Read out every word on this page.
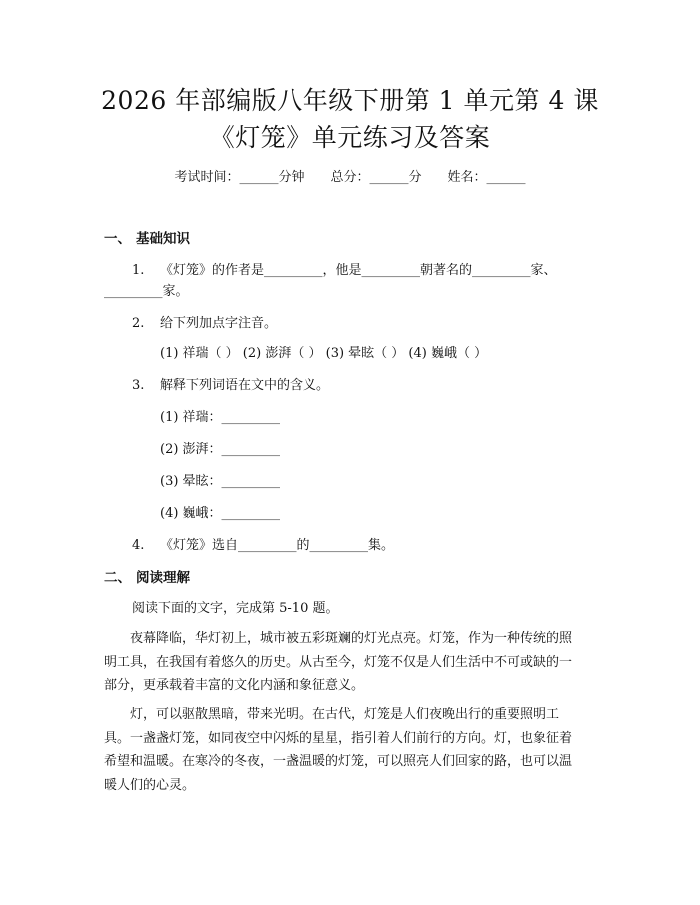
2026 年部编版八年级下册第 1 单元第 4 课
《灯笼》单元练习及答案
考试时间：______分钟 总分：______分 姓名：______
一、 基础知识
1. 《灯笼》的作者是_________，他是_________朝著名的_________家、
_________家。
2. 给下列加点字注音。
(1) 祥瑞（ ） (2) 澎湃（ ） (3) 晕眩（ ） (4) 巍峨（ ）
3. 解释下列词语在文中的含义。
(1) 祥瑞：_________
(2) 澎湃：_________
(3) 晕眩：_________
(4) 巍峨：_________
4. 《灯笼》选自_________的_________集。
二、 阅读理解
阅读下面的文字，完成第 5-10 题。
夜幕降临，华灯初上，城市被五彩斑斓的灯光点亮。灯笼，作为一种传统的照
明工具，在我国有着悠久的历史。从古至今，灯笼不仅是人们生活中不可或缺的一
部分，更承载着丰富的文化内涵和象征意义。
灯，可以驱散黑暗，带来光明。在古代，灯笼是人们夜晚出行的重要照明工
具。一盏盏灯笼，如同夜空中闪烁的星星，指引着人们前行的方向。灯，也象征着
希望和温暖。在寒冷的冬夜，一盏温暖的灯笼，可以照亮人们回家的路，也可以温
暖人们的心灵。
